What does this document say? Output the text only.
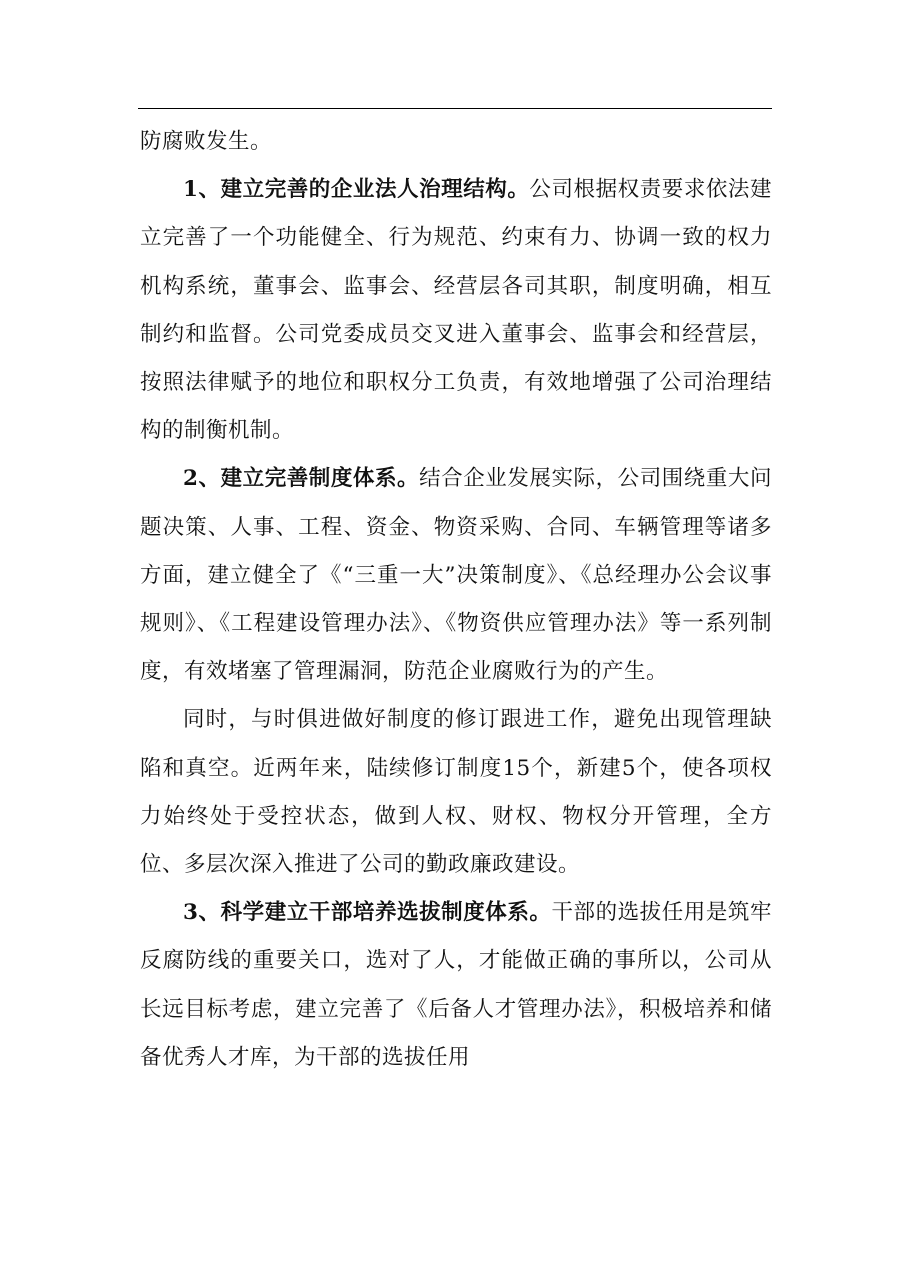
防腐败发生。

1、建立完善的企业法人治理结构。公司根据权责要求依法建立完善了一个功能健全、行为规范、约束有力、协调一致的权力机构系统，董事会、监事会、经营层各司其职，制度明确，相互制约和监督。公司党委成员交叉进入董事会、监事会和经营层，按照法律赋予的地位和职权分工负责，有效地增强了公司治理结构的制衡机制。

2、建立完善制度体系。结合企业发展实际，公司围绕重大问题决策、人事、工程、资金、物资采购、合同、车辆管理等诸多方面，建立健全了《“三重一大”决策制度》、《总经理办公会议事规则》、《工程建设管理办法》、《物资供应管理办法》等一系列制度，有效堵塞了管理漏洞，防范企业腐败行为的产生。

同时，与时俱进做好制度的修订跟进工作，避免出现管理缺陷和真空。近两年来，陆续修订制度15个，新建5个，使各项权力始终处于受控状态，做到人权、财权、物权分开管理，全方位、多层次深入推进了公司的勤政廉政建设。

3、科学建立干部培养选拔制度体系。干部的选拔任用是筑牢反腐防线的重要关口，选对了人，才能做正确的事所以，公司从长远目标考虑，建立完善了《后备人才管理办法》，积极培养和储备优秀人才库，为干部的选拔任用
